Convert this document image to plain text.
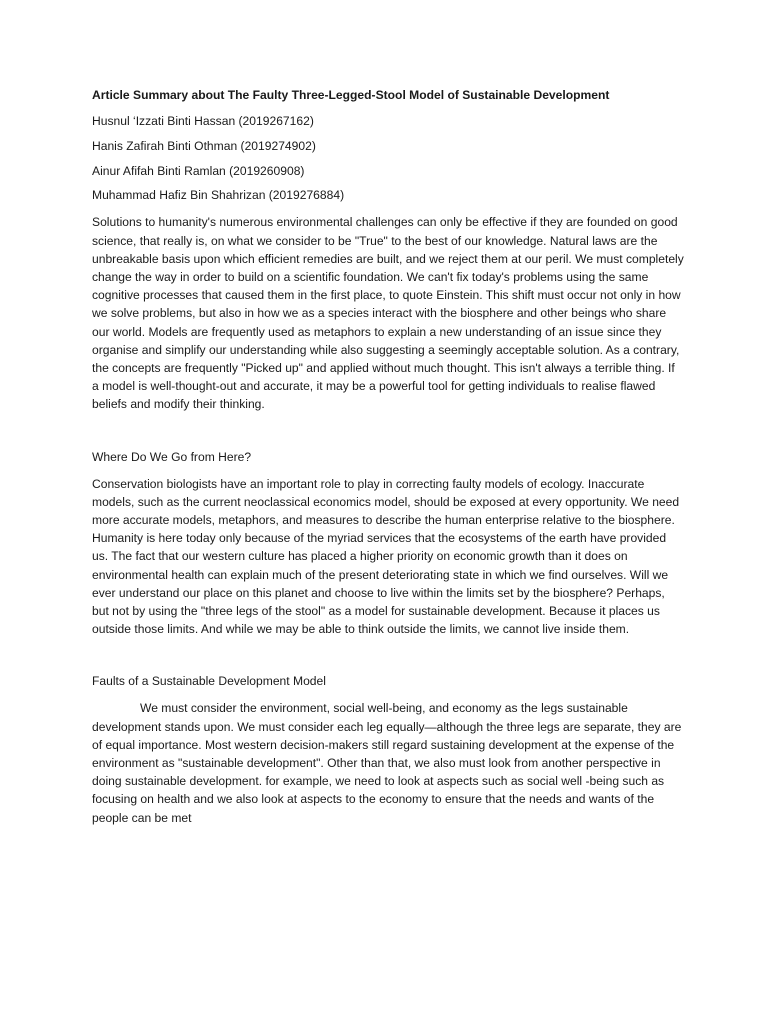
Article Summary about The Faulty Three-Legged-Stool Model of Sustainable Development
Husnul ‘Izzati Binti Hassan (2019267162)
Hanis Zafirah Binti Othman (2019274902)
Ainur Afifah Binti Ramlan (2019260908)
Muhammad Hafiz Bin Shahrizan (2019276884)

Solutions to humanity's numerous environmental challenges can only be effective if they are founded on good science, that really is, on what we consider to be "True" to the best of our knowledge. Natural laws are the unbreakable basis upon which efficient remedies are built, and we reject them at our peril. We must completely change the way in order to build on a scientific foundation. We can't fix today's problems using the same cognitive processes that caused them in the first place, to quote Einstein. This shift must occur not only in how we solve problems, but also in how we as a species interact with the biosphere and other beings who share our world. Models are frequently used as metaphors to explain a new understanding of an issue since they organise and simplify our understanding while also suggesting a seemingly acceptable solution. As a contrary, the concepts are frequently "Picked up" and applied without much thought. This isn't always a terrible thing. If a model is well-thought-out and accurate, it may be a powerful tool for getting individuals to realise flawed beliefs and modify their thinking.

Where Do We Go from Here?

Conservation biologists have an important role to play in correcting faulty models of ecology. Inaccurate models, such as the current neoclassical economics model, should be exposed at every opportunity. We need more accurate models, metaphors, and measures to describe the human enterprise relative to the biosphere. Humanity is here today only because of the myriad services that the ecosystems of the earth have provided us. The fact that our western culture has placed a higher priority on economic growth than it does on environmental health can explain much of the present deteriorating state in which we find ourselves. Will we ever understand our place on this planet and choose to live within the limits set by the biosphere? Perhaps, but not by using the "three legs of the stool" as a model for sustainable development. Because it places us outside those limits. And while we may be able to think outside the limits, we cannot live inside them.

Faults of a Sustainable Development Model

We must consider the environment, social well-being, and economy as the legs sustainable development stands upon. We must consider each leg equally—although the three legs are separate, they are of equal importance. Most western decision-makers still regard sustaining development at the expense of the environment as "sustainable development". Other than that, we also must look from another perspective in doing sustainable development. for example, we need to look at aspects such as social well -being such as focusing on health and we also look at aspects to the economy to ensure that the needs and wants of the people can be met
